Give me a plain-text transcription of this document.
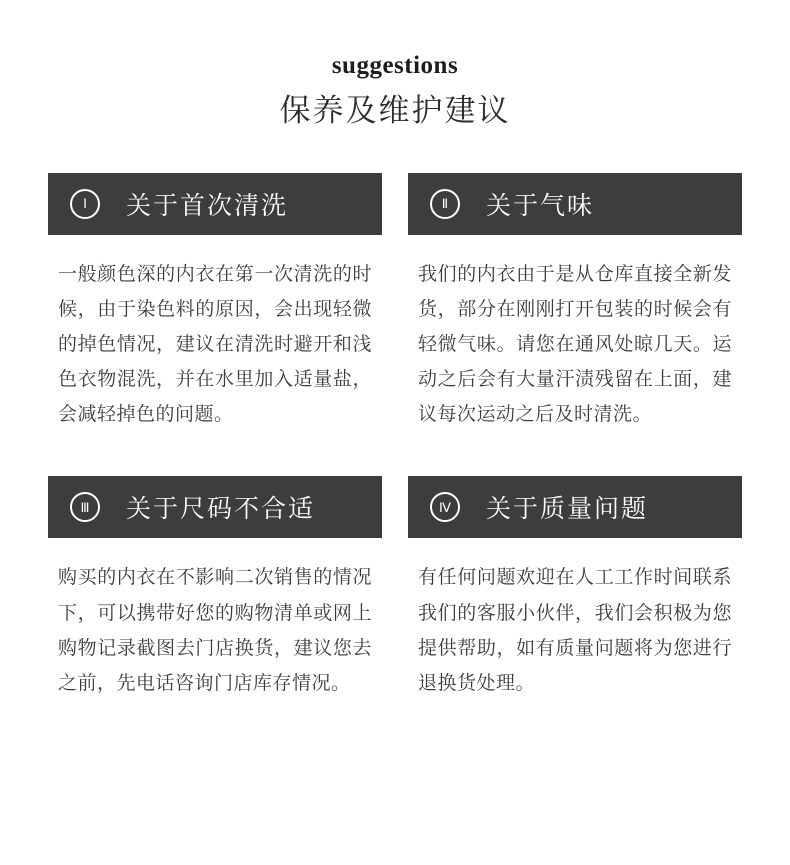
suggestions
保养及维护建议
Ⅰ	关于首次清洗
一般颜色深的内衣在第一次清洗的时候，由于染色料的原因，会出现轻微的掉色情况，建议在清洗时避开和浅色衣物混洗，并在水里加入适量盐，会减轻掉色的问题。
Ⅱ	关于气味
我们的内衣由于是从仓库直接全新发货，部分在刚刚打开包装的时候会有轻微气味。请您在通风处晾几天。运动之后会有大量汗渍残留在上面，建议每次运动之后及时清洗。
Ⅲ	关于尺码不合适
购买的内衣在不影响二次销售的情况下，可以携带好您的购物清单或网上购物记录截图去门店换货，建议您去之前，先电话咨询门店库存情况。
Ⅳ	关于质量问题
有任何问题欢迎在人工工作时间联系我们的客服小伙伴，我们会积极为您提供帮助，如有质量问题将为您进行退换货处理。
